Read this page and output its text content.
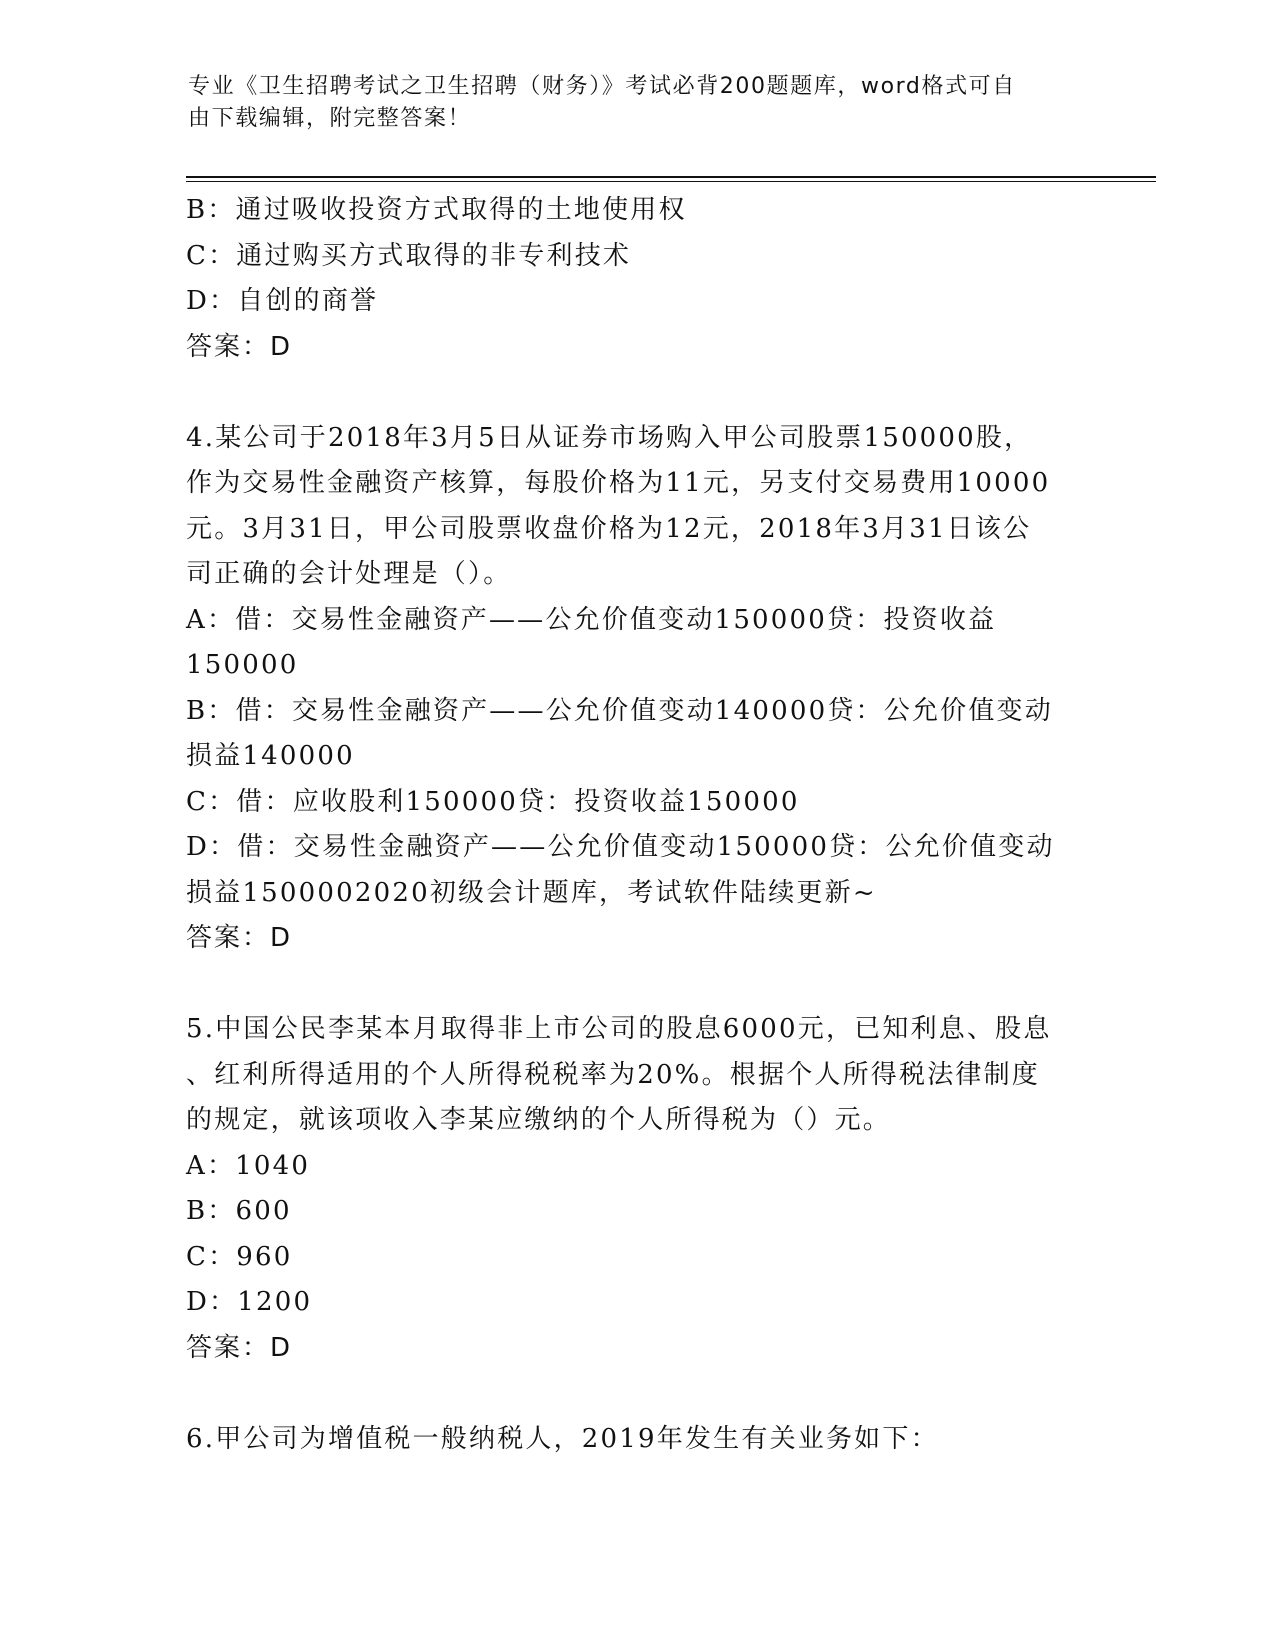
专业《卫生招聘考试之卫生招聘（财务）》考试必背200题题库，word格式可自
由下载编辑，附完整答案！

B：通过吸收投资方式取得的土地使用权

C：通过购买方式取得的非专利技术

D：自创的商誉

答案：D

4.某公司于2018年3月5日从证券市场购入甲公司股票150000股，

作为交易性金融资产核算，每股价格为11元，另支付交易费用10000

元。3月31日，甲公司股票收盘价格为12元，2018年3月31日该公

司正确的会计处理是（）。

A：借：交易性金融资产——公允价值变动150000贷：投资收益

150000

B：借：交易性金融资产——公允价值变动140000贷：公允价值变动

损益140000

C：借：应收股利150000贷：投资收益150000

D：借：交易性金融资产——公允价值变动150000贷：公允价值变动

损益1500002020初级会计题库，考试软件陆续更新~

答案：D

5.中国公民李某本月取得非上市公司的股息6000元，已知利息、股息

、红利所得适用的个人所得税税率为20%。根据个人所得税法律制度

的规定，就该项收入李某应缴纳的个人所得税为（）元。

A：1040

B：600

C：960

D：1200

答案：D

6.甲公司为增值税一般纳税人，2019年发生有关业务如下：
